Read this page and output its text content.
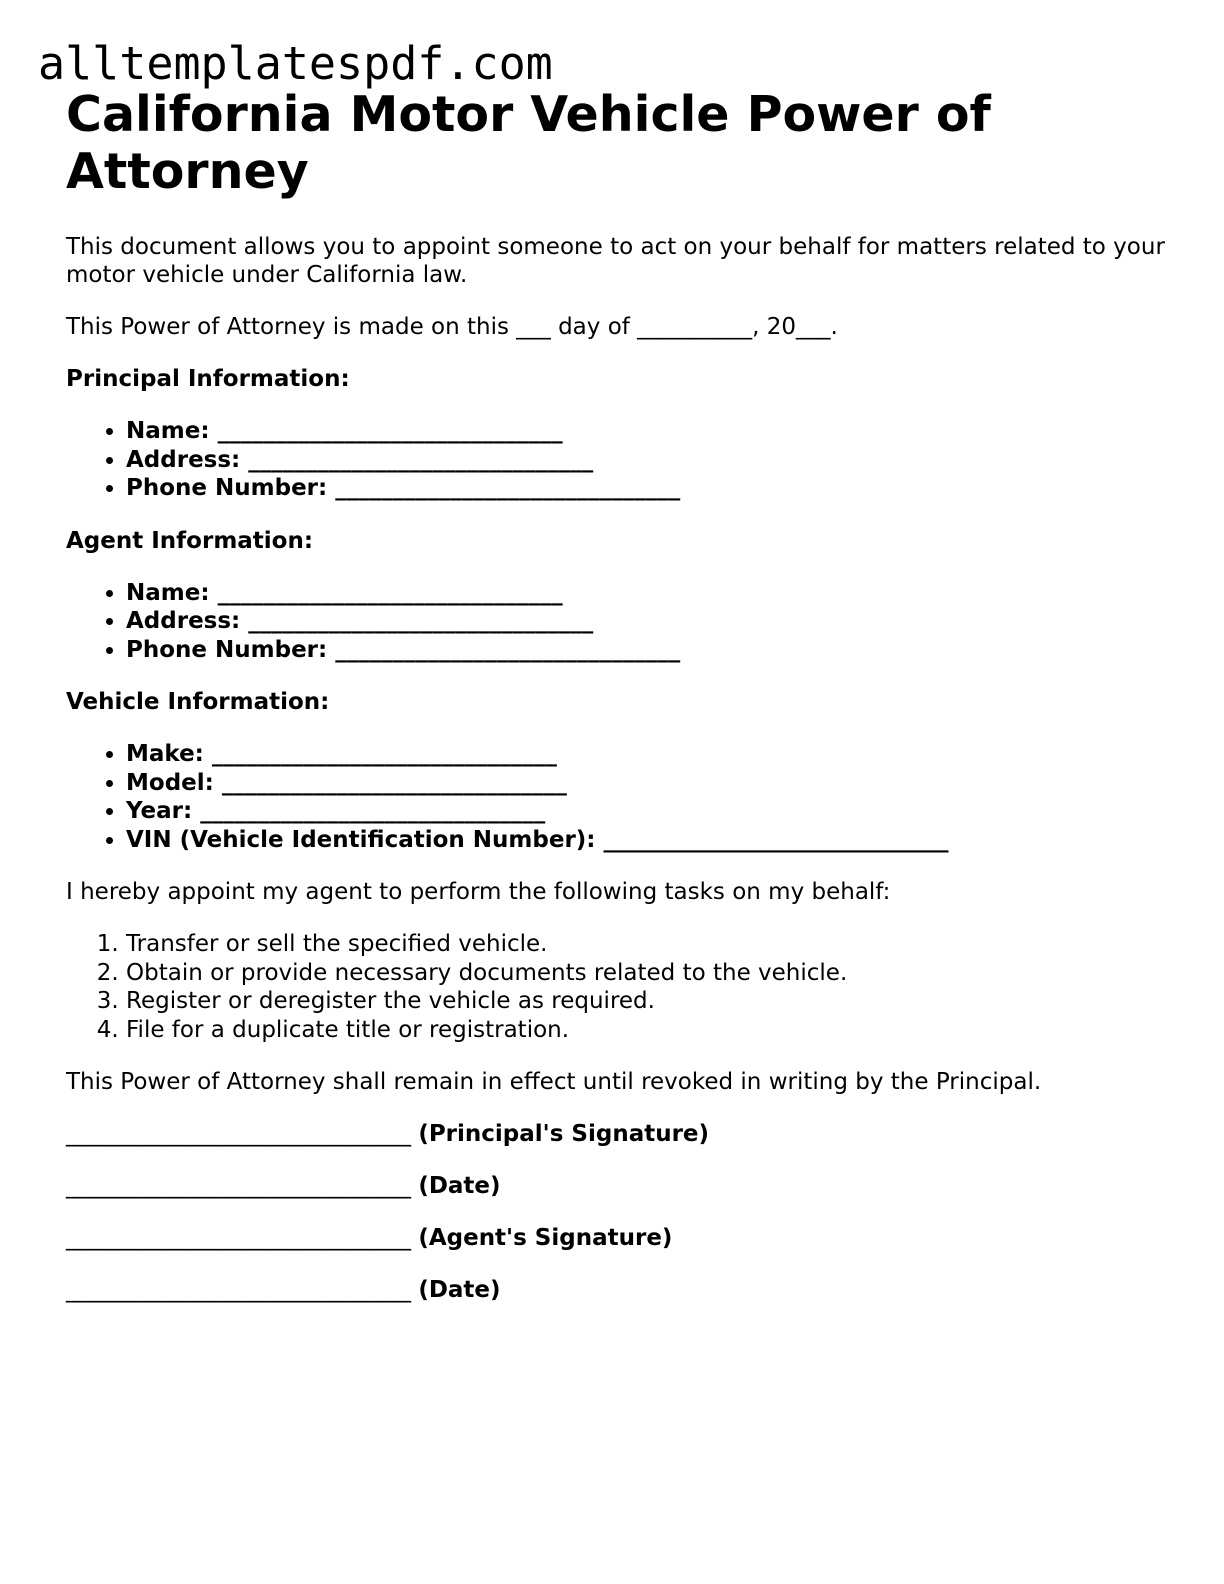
alltemplatespdf.com
California Motor Vehicle Power of Attorney

This document allows you to appoint someone to act on your behalf for matters related to your motor vehicle under California law.

This Power of Attorney is made on this ___ day of __________, 20___.

Principal Information:

• Name: ______________________________
• Address: ______________________________
• Phone Number: ______________________________

Agent Information:

• Name: ______________________________
• Address: ______________________________
• Phone Number: ______________________________

Vehicle Information:

• Make: ______________________________
• Model: ______________________________
• Year: ______________________________
• VIN (Vehicle Identification Number): ______________________________

I hereby appoint my agent to perform the following tasks on my behalf:

1. Transfer or sell the specified vehicle.
2. Obtain or provide necessary documents related to the vehicle.
3. Register or deregister the vehicle as required.
4. File for a duplicate title or registration.

This Power of Attorney shall remain in effect until revoked in writing by the Principal.

______________________________ (Principal's Signature)
______________________________ (Date)
______________________________ (Agent's Signature)
______________________________ (Date)
